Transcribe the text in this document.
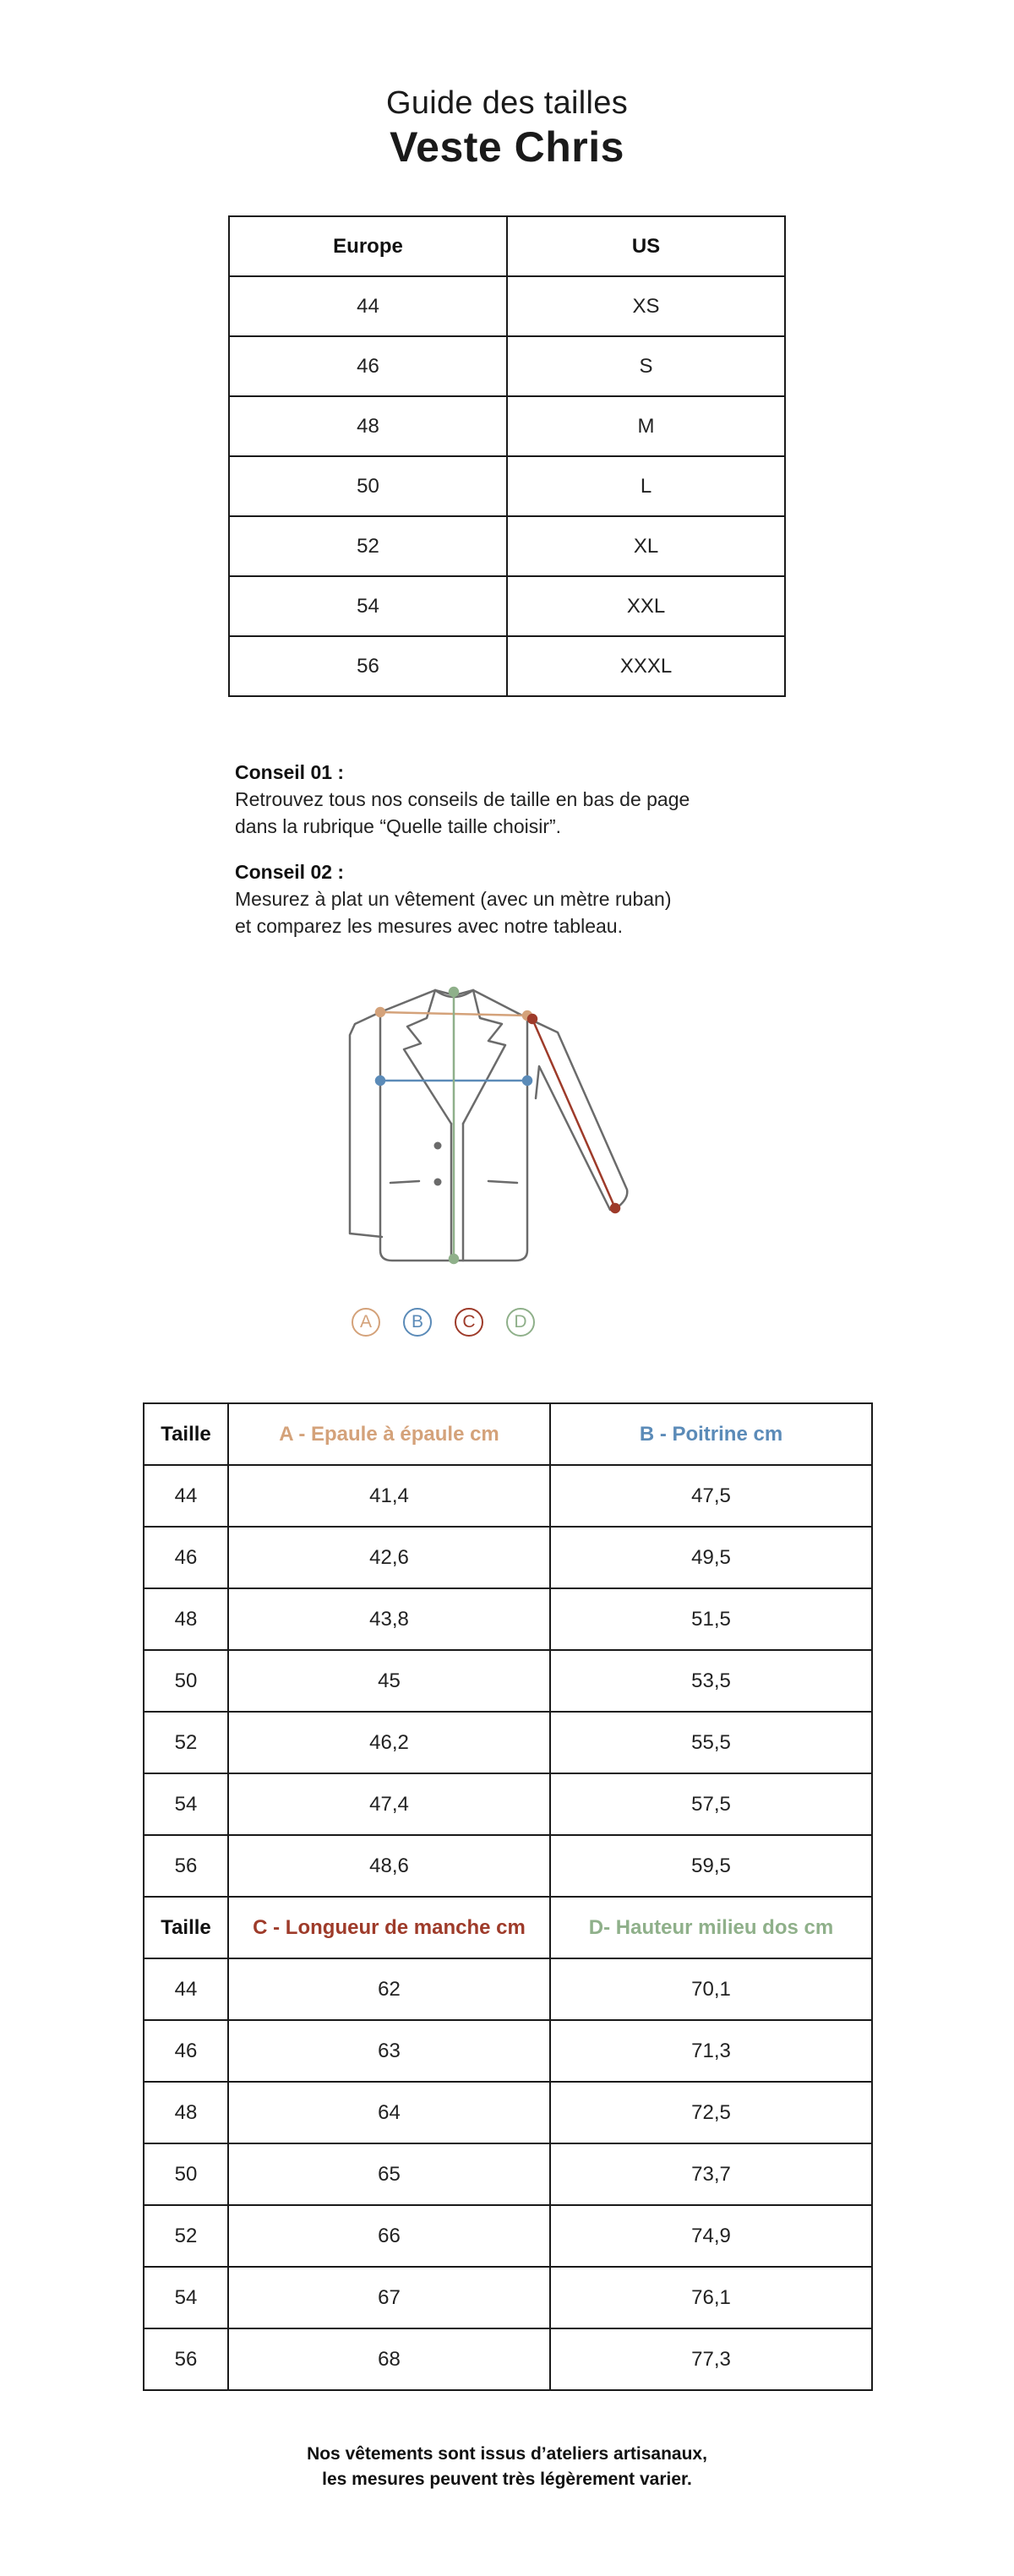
Guide des tailles
Veste Chris
Europe	US
44	XS
46	S
48	M
50	L
52	XL
54	XXL
56	XXXL
Conseil 01 :
Retrouvez tous nos conseils de taille en bas de page
dans la rubrique “Quelle taille choisir”.
Conseil 02 :
Mesurez à plat un vêtement (avec un mètre ruban)
et comparez les mesures avec notre tableau.
A	B	C	D
Taille	A - Epaule à épaule cm	B - Poitrine cm
44	41,4	47,5
46	42,6	49,5
48	43,8	51,5
50	45	53,5
52	46,2	55,5
54	47,4	57,5
56	48,6	59,5
Taille	C - Longueur de manche cm	D- Hauteur milieu dos cm
44	62	70,1
46	63	71,3
48	64	72,5
50	65	73,7
52	66	74,9
54	67	76,1
56	68	77,3
Nos vêtements sont issus d’ateliers artisanaux,
les mesures peuvent très légèrement varier.
